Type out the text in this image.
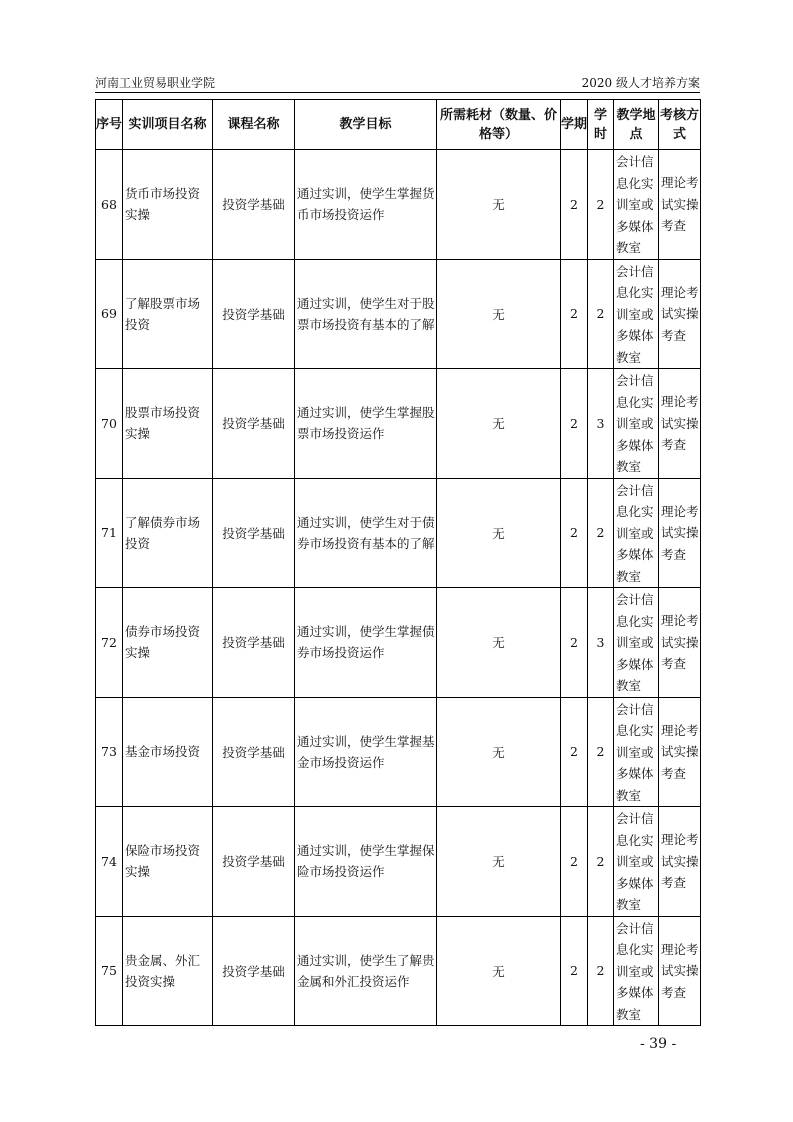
河南工业贸易职业学院	2020 级人才培养方案
序号	实训项目名称	课程名称	教学目标	所需耗材（数量、价格等）	学期	学时	教学地点	考核方式
68	货币市场投资实操	投资学基础	通过实训，使学生掌握货币市场投资运作	无	2	2	会计信息化实训室或多媒体教室	理论考试实操考查
69	了解股票市场投资	投资学基础	通过实训，使学生对于股票市场投资有基本的了解	无	2	2	会计信息化实训室或多媒体教室	理论考试实操考查
70	股票市场投资实操	投资学基础	通过实训，使学生掌握股票市场投资运作	无	2	3	会计信息化实训室或多媒体教室	理论考试实操考查
71	了解债券市场投资	投资学基础	通过实训，使学生对于债券市场投资有基本的了解	无	2	2	会计信息化实训室或多媒体教室	理论考试实操考查
72	债券市场投资实操	投资学基础	通过实训，使学生掌握债券市场投资运作	无	2	3	会计信息化实训室或多媒体教室	理论考试实操考查
73	基金市场投资	投资学基础	通过实训，使学生掌握基金市场投资运作	无	2	2	会计信息化实训室或多媒体教室	理论考试实操考查
74	保险市场投资实操	投资学基础	通过实训，使学生掌握保险市场投资运作	无	2	2	会计信息化实训室或多媒体教室	理论考试实操考查
75	贵金属、外汇投资实操	投资学基础	通过实训，使学生了解贵金属和外汇投资运作	无	2	2	会计信息化实训室或多媒体教室	理论考试实操考查
- 39 -
